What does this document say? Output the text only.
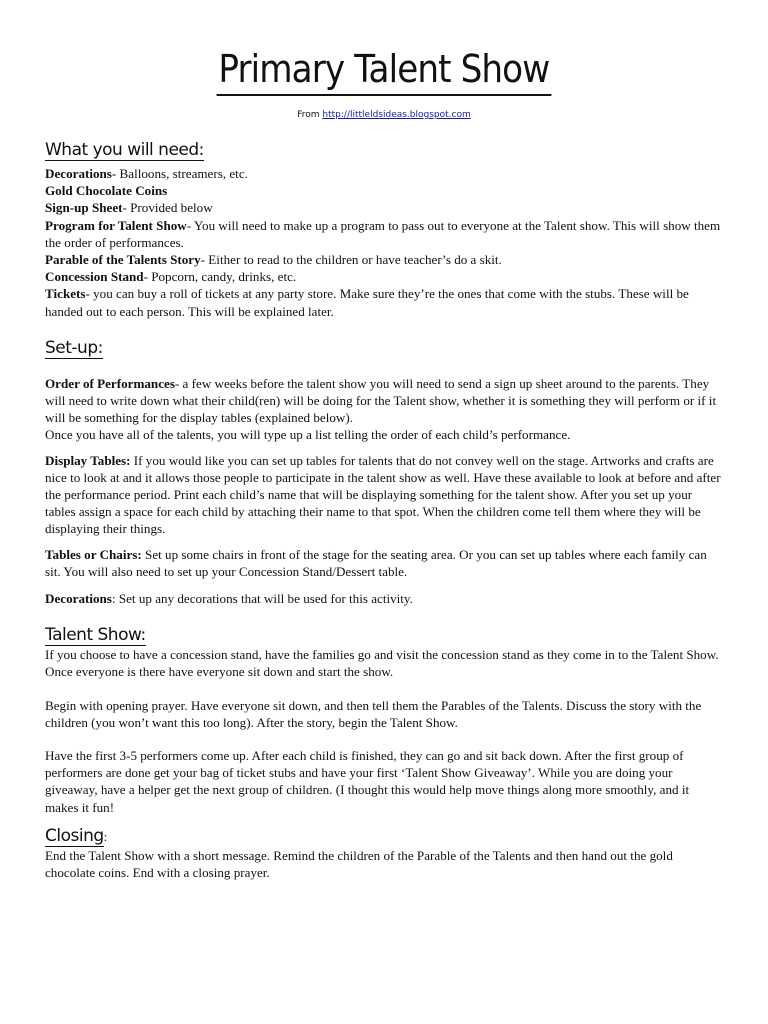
Primary Talent Show
From http://littleldsideas.blogspot.com
What you will need:

Decorations- Balloons, streamers, etc.

Gold Chocolate Coins

Sign-up Sheet- Provided below

Program for Talent Show- You will need to make up a program to pass out to everyone at the Talent show. This will show them the order of performances.

Parable of the Talents Story- Either to read to the children or have teacher’s do a skit.

Concession Stand- Popcorn, candy, drinks, etc.

Tickets- you can buy a roll of tickets at any party store. Make sure they’re the ones that come with the stubs. These will be handed out to each person. This will be explained later.

Set-up:

Order of Performances- a few weeks before the talent show you will need to send a sign up sheet around to the parents. They will need to write down what their child(ren) will be doing for the Talent show, whether it is something they will perform or if it will be something for the display tables (explained below).

Once you have all of the talents, you will type up a list telling the order of each child’s performance.

Display Tables: If you would like you can set up tables for talents that do not convey well on the stage. Artworks and crafts are nice to look at and it allows those people to participate in the talent show as well. Have these available to look at before and after the performance period. Print each child’s name that will be displaying something for the talent show. After you set up your tables assign a space for each child by attaching their name to that spot. When the children come tell them where they will be displaying their things.

Tables or Chairs: Set up some chairs in front of the stage for the seating area. Or you can set up tables where each family can sit. You will also need to set up your Concession Stand/Dessert table.

Decorations: Set up any decorations that will be used for this activity.

Talent Show:

If you choose to have a concession stand, have the families go and visit the concession stand as they come in to the Talent Show. Once everyone is there have everyone sit down and start the show.

Begin with opening prayer. Have everyone sit down, and then tell them the Parables of the Talents. Discuss the story with the children (you won’t want this too long). After the story, begin the Talent Show.

Have the first 3-5 performers come up. After each child is finished, they can go and sit back down. After the first group of performers are done get your bag of ticket stubs and have your first ‘Talent Show Giveaway’. While you are doing your giveaway, have a helper get the next group of children. (I thought this would help move things along more smoothly, and it makes it fun!

Closing:

End the Talent Show with a short message. Remind the children of the Parable of the Talents and then hand out the gold chocolate coins. End with a closing prayer.
